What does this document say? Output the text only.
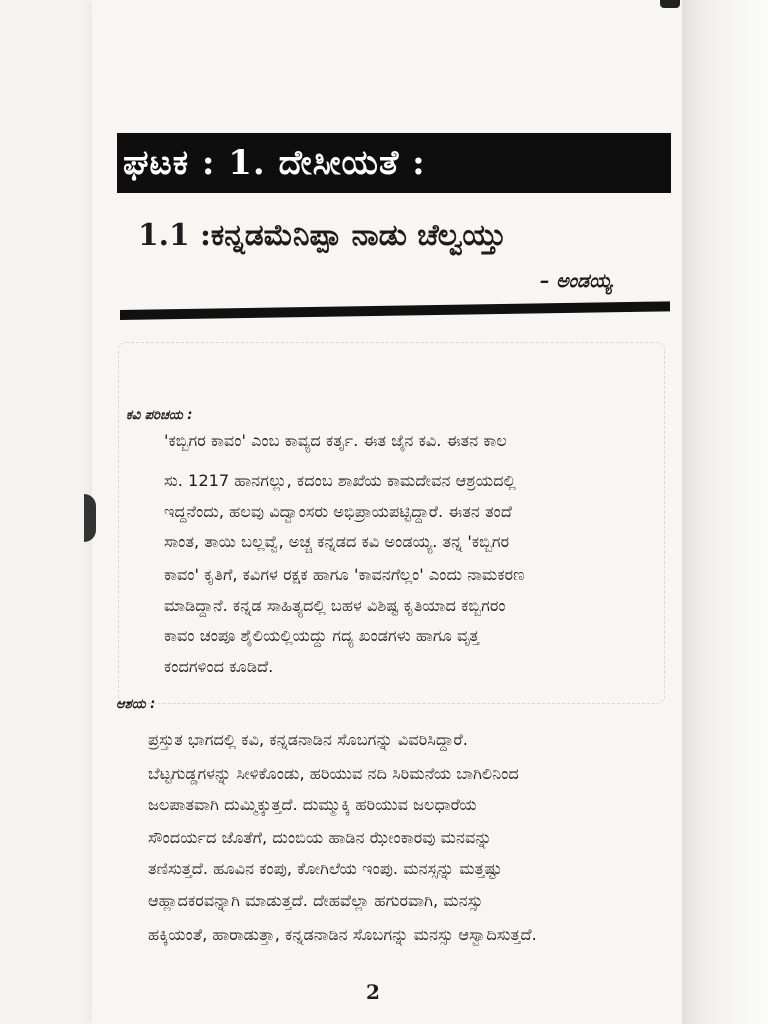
ಘಟಕ : 1. ದೇಸೀಯತೆ :
1.1 :ಕನ್ನಡಮೆನಿಪ್ಪಾ ನಾಡು ಚೆಲ್ವಯ್ತು
– ಅಂಡಯ್ಯ
ಕವಿ ಪರಿಚಯ :
'ಕಬ್ಬಿಗರ ಕಾವಂ' ಎಂಬ ಕಾವ್ಯದ ಕರ್ತೃ. ಈತ ಜೈನ ಕವಿ. ಈತನ ಕಾಲ
ಸು. 1217 ಹಾನಗಲ್ಲು, ಕದಂಬ ಶಾಖೆಯ ಕಾಮದೇವನ ಆಶ್ರಯದಲ್ಲಿ
ಇದ್ದನೆಂದು, ಹಲವು ವಿದ್ವಾಂಸರು ಅಭಿಪ್ರಾಯಪಟ್ಟಿದ್ದಾರೆ. ಈತನ ತಂದೆ
ಸಾಂತ, ತಾಯಿ ಬಲ್ಲವ್ವೆ, ಅಚ್ಚ ಕನ್ನಡದ ಕವಿ ಅಂಡಯ್ಯ. ತನ್ನ 'ಕಬ್ಬಿಗರ
ಕಾವಂ' ಕೃತಿಗೆ, ಕವಿಗಳ ರಕ್ಷಕ ಹಾಗೂ 'ಕಾವನಗೆಲ್ಲಂ' ಎಂದು ನಾಮಕರಣ
ಮಾಡಿದ್ದಾನೆ. ಕನ್ನಡ ಸಾಹಿತ್ಯದಲ್ಲಿ ಬಹಳ ವಿಶಿಷ್ಟ ಕೃತಿಯಾದ ಕಬ್ಬಿಗರಂ
ಕಾವಂ ಚಂಪೂ ಶೈಲಿಯಲ್ಲಿಯದ್ದು ಗದ್ಯ ಖಂಡಗಳು ಹಾಗೂ ವೃತ್ತ
ಕಂದಗಳಿಂದ ಕೂಡಿದೆ.
ಆಶಯ :
ಪ್ರಸ್ತುತ ಭಾಗದಲ್ಲಿ ಕವಿ, ಕನ್ನಡನಾಡಿನ ಸೊಬಗನ್ನು ವಿವರಿಸಿದ್ದಾರೆ.
ಬೆಟ್ಟಗುಡ್ಡಗಳನ್ನು ಸೀಳಿಕೊಂಡು, ಹರಿಯುವ ನದಿ ಸಿರಿಮನೆಯ ಬಾಗಿಲಿನಿಂದ
ಜಲಪಾತವಾಗಿ ದುಮ್ಮಿಕ್ಕುತ್ತದೆ. ದುಮ್ಮುಕ್ಕಿ ಹರಿಯುವ ಜಲಧಾರೆಯ
ಸೌಂದರ್ಯದ ಜೊತೆಗೆ, ದುಂಬಿಯ ಹಾಡಿನ ಝೇಂಕಾರವು ಮನವನ್ನು
ತಣಿಸುತ್ತದೆ. ಹೂವಿನ ಕಂಪು, ಕೋಗಿಲೆಯ ಇಂಪು. ಮನಸ್ಸನ್ನು ಮತ್ತಷ್ಟು
ಆಹ್ಲಾದಕರವನ್ನಾಗಿ ಮಾಡುತ್ತದೆ. ದೇಹವೆಲ್ಲಾ ಹಗುರವಾಗಿ, ಮನಸ್ಸು
ಹಕ್ಕಿಯಂತೆ, ಹಾರಾಡುತ್ತಾ, ಕನ್ನಡನಾಡಿನ ಸೊಬಗನ್ನು ಮನಸ್ಸು ಆಸ್ವಾದಿಸುತ್ತದೆ.
2
